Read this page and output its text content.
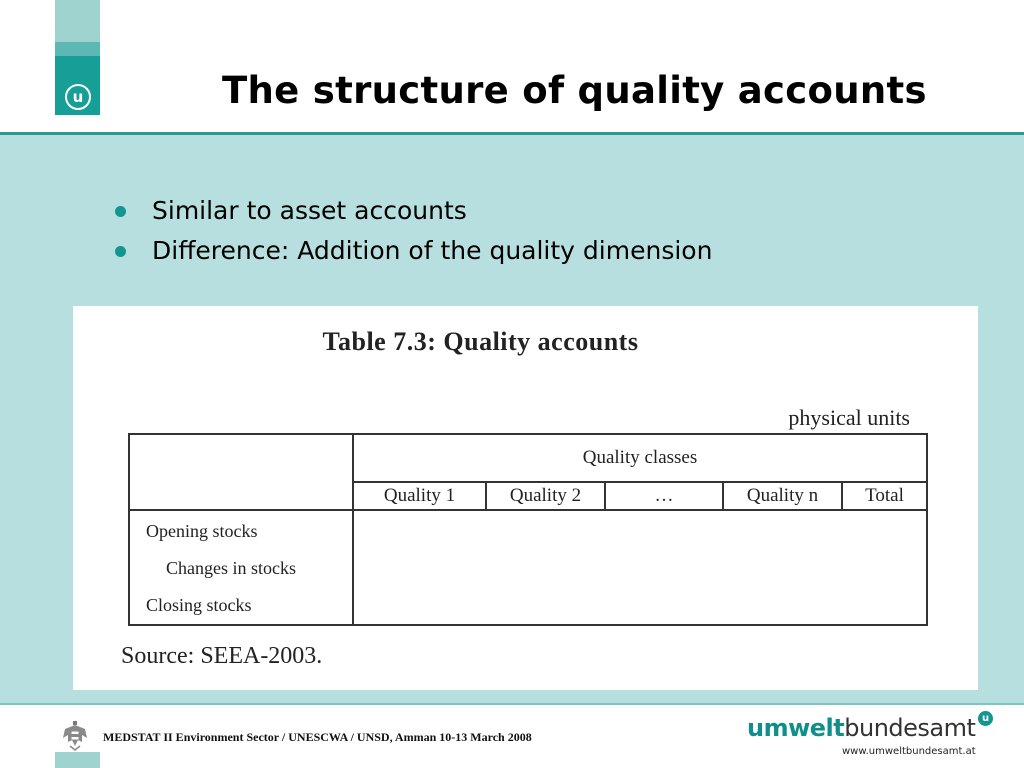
u	The structure of quality accounts
Similar to asset accounts
Difference: Addition of the quality dimension
Table 7.3: Quality accounts
physical units
	Quality classes				
	Quality 1	Quality 2	…	Quality n	Total

Opening stocks
Changes in stocks
Closing stocks					

Source: SEEA-2003.
MEDSTAT II Environment Sector / UNESCWA / UNSD, Amman 10-13 March 2008	umweltbundesamt u
www.umweltbundesamt.at
